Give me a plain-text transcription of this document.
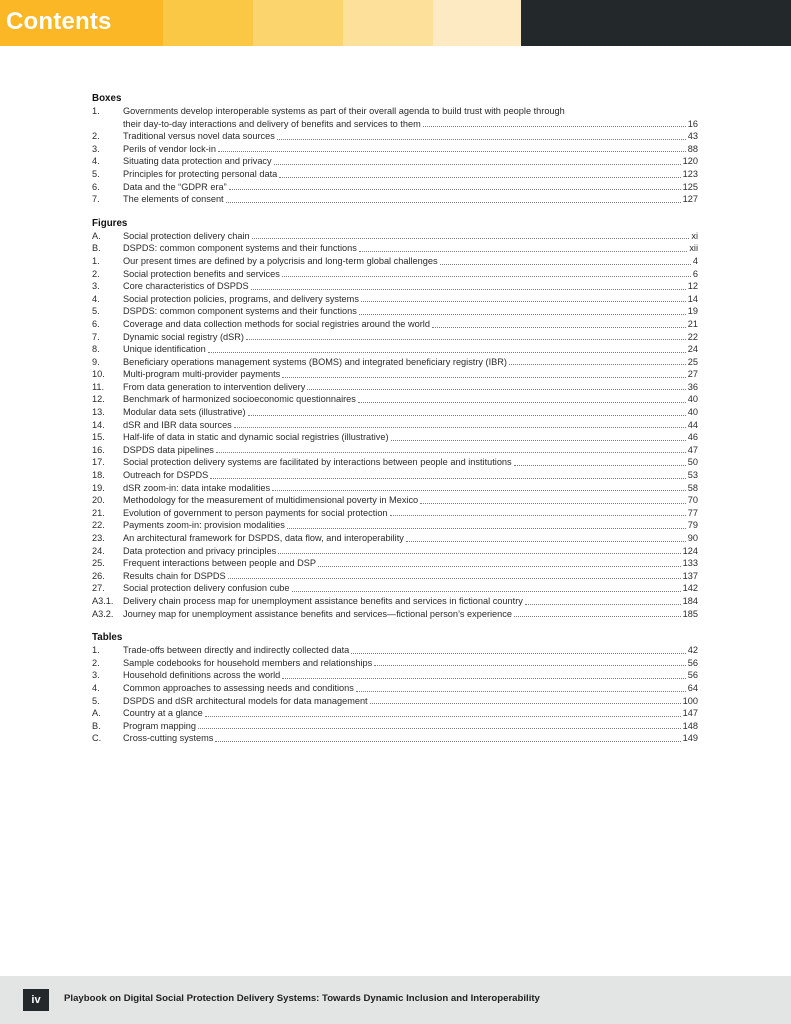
Contents
Boxes
1.	Governments develop interoperable systems as part of their overall agenda to build trust with people through
their day-to-day interactions and delivery of benefits and services to them	16
2.	Traditional versus novel data sources	43
3.	Perils of vendor lock-in	88
4.	Situating data protection and privacy	120
5.	Principles for protecting personal data	123
6.	Data and the “GDPR era”	125
7.	The elements of consent	127
Figures
A.	Social protection delivery chain	xi
B.	DSPDS: common component systems and their functions	xii
1.	Our present times are defined by a polycrisis and long-term global challenges	4
2.	Social protection benefits and services	6
3.	Core characteristics of DSPDS	12
4.	Social protection policies, programs, and delivery systems	14
5.	DSPDS: common component systems and their functions	19
6.	Coverage and data collection methods for social registries around the world	21
7.	Dynamic social registry (dSR)	22
8.	Unique identification	24
9.	Beneficiary operations management systems (BOMS) and integrated beneficiary registry (IBR)	25
10.	Multi-program multi-provider payments	27
11.	From data generation to intervention delivery	36
12.	Benchmark of harmonized socioeconomic questionnaires	40
13.	Modular data sets (illustrative)	40
14.	dSR and IBR data sources	44
15.	Half-life of data in static and dynamic social registries (illustrative)	46
16.	DSPDS data pipelines	47
17.	Social protection delivery systems are facilitated by interactions between people and institutions	50
18.	Outreach for DSPDS	53
19.	dSR zoom-in: data intake modalities	58
20.	Methodology for the measurement of multidimensional poverty in Mexico	70
21.	Evolution of government to person payments for social protection	77
22.	Payments zoom-in: provision modalities	79
23.	An architectural framework for DSPDS, data flow, and interoperability	90
24.	Data protection and privacy principles	124
25.	Frequent interactions between people and DSP	133
26.	Results chain for DSPDS	137
27.	Social protection delivery confusion cube	142
A3.1.	Delivery chain process map for unemployment assistance benefits and services in fictional country	184
A3.2.	Journey map for unemployment assistance benefits and services—fictional person’s experience	185
Tables
1.	Trade-offs between directly and indirectly collected data	42
2.	Sample codebooks for household members and relationships	56
3.	Household definitions across the world	56
4.	Common approaches to assessing needs and conditions	64
5.	DSPDS and dSR architectural models for data management	100
A.	Country at a glance	147
B.	Program mapping	148
C.	Cross-cutting systems	149
iv	Playbook on Digital Social Protection Delivery Systems: Towards Dynamic Inclusion and Interoperability
